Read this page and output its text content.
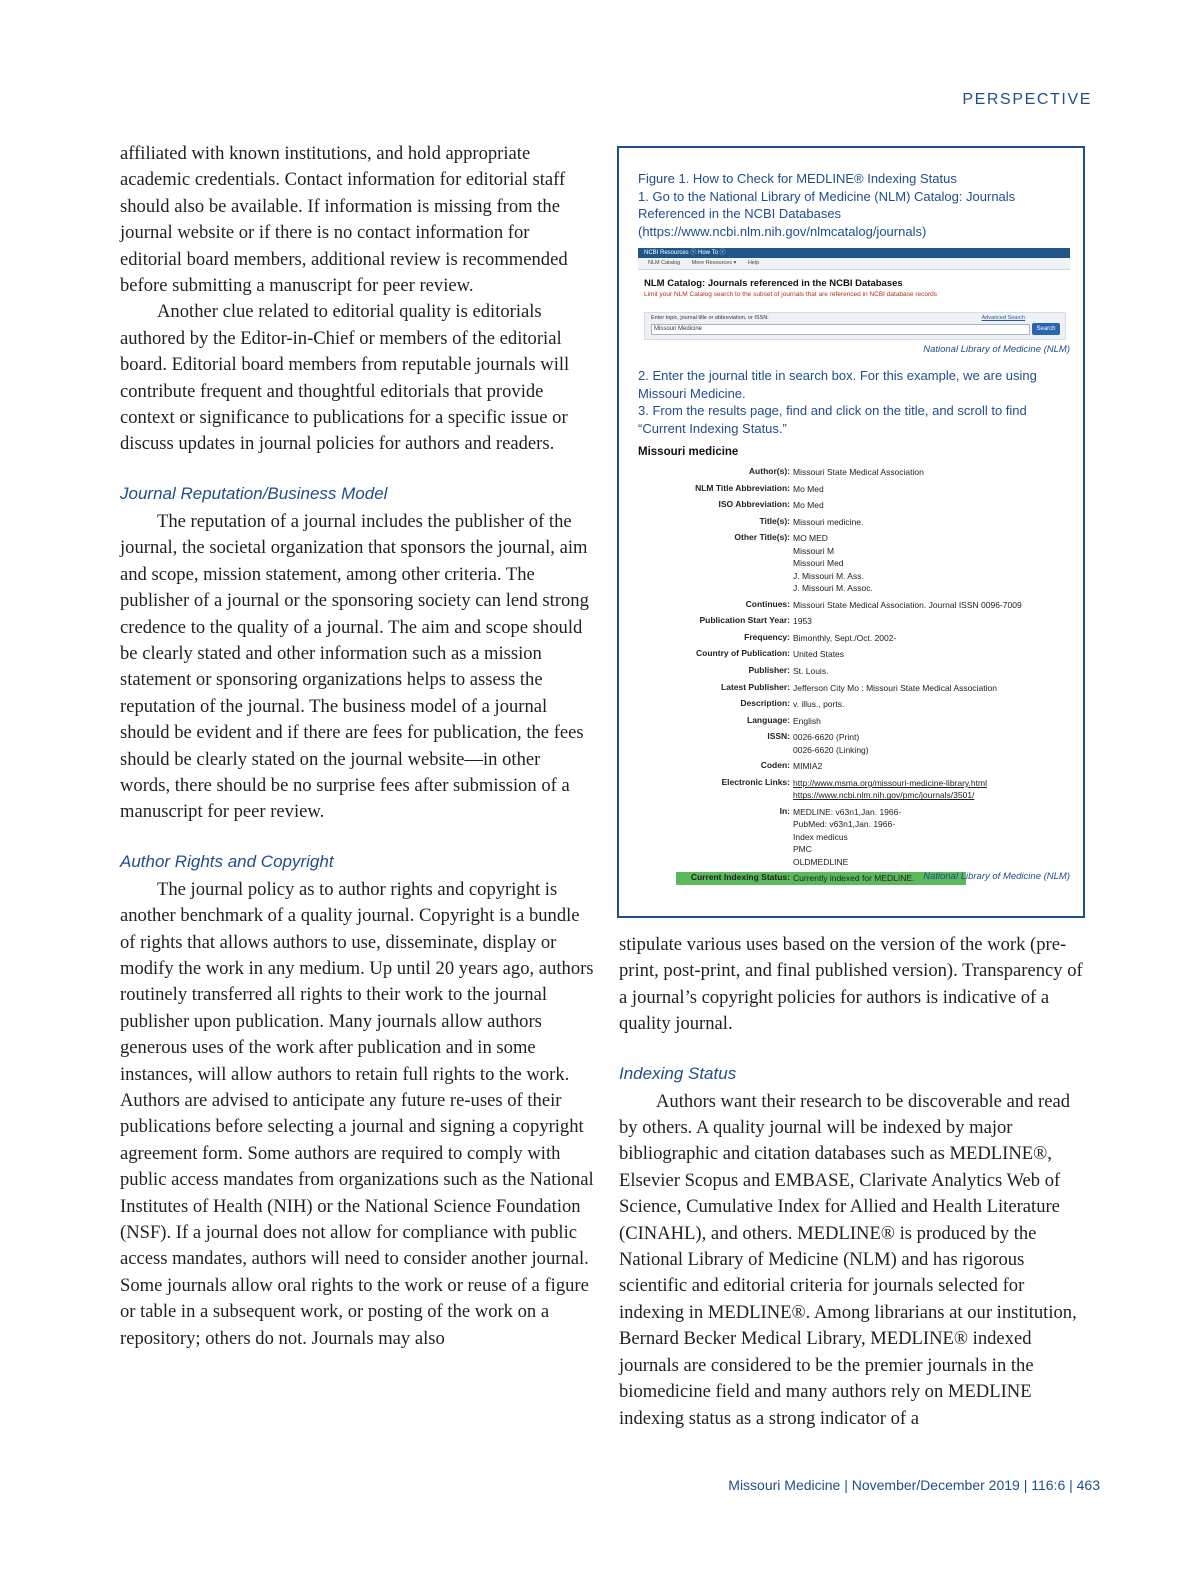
PERSPECTIVE

affiliated with known institutions, and hold appropriate academic credentials. Contact information for editorial staff should also be available. If information is missing from the journal website or if there is no contact information for editorial board members, additional review is recommended before submitting a manuscript for peer review.

Another clue related to editorial quality is editorials authored by the Editor-in-Chief or members of the editorial board. Editorial board members from reputable journals will contribute frequent and thoughtful editorials that provide context or significance to publications for a specific issue or discuss updates in journal policies for authors and readers.

Journal Reputation/Business Model

The reputation of a journal includes the publisher of the journal, the societal organization that sponsors the journal, aim and scope, mission statement, among other criteria. The publisher of a journal or the sponsoring society can lend strong credence to the quality of a journal. The aim and scope should be clearly stated and other information such as a mission statement or sponsoring organizations helps to assess the reputation of the journal. The business model of a journal should be evident and if there are fees for publication, the fees should be clearly stated on the journal website—in other words, there should be no surprise fees after submission of a manuscript for peer review.

Author Rights and Copyright

The journal policy as to author rights and copyright is another benchmark of a quality journal. Copyright is a bundle of rights that allows authors to use, disseminate, display or modify the work in any medium. Up until 20 years ago, authors routinely transferred all rights to their work to the journal publisher upon publication. Many journals allow authors generous uses of the work after publication and in some instances, will allow authors to retain full rights to the work. Authors are advised to anticipate any future re-uses of their publications before selecting a journal and signing a copyright agreement form. Some authors are required to comply with public access mandates from organizations such as the National Institutes of Health (NIH) or the National Science Foundation (NSF). If a journal does not allow for compliance with public access mandates, authors will need to consider another journal. Some journals allow oral rights to the work or reuse of a figure or table in a subsequent work, or posting of the work on a repository; others do not. Journals may also

Figure 1. How to Check for MEDLINE® Indexing Status
1. Go to the National Library of Medicine (NLM) Catalog: Journals Referenced in the NCBI Databases (https://www.ncbi.nlm.nih.gov/nlmcatalog/journals)
NCBI Resources ⓥ How To ⓥ
NLM Catalog More Resources ▾ Help
NLM Catalog: Journals referenced in the NCBI Databases
Limit your NLM Catalog search to the subset of journals that are referenced in NCBI database records
Enter topic, journal title or abbreviation, or ISSN:	Advanced Search
Missouri Medicine	Search
National Library of Medicine (NLM)
2. Enter the journal title in search box. For this example, we are using Missouri Medicine.
3. From the results page, find and click on the title, and scroll to find “Current Indexing Status.”
Missouri medicine
Author(s): Missouri State Medical Association
NLM Title Abbreviation: Mo Med
ISO Abbreviation: Mo Med
Title(s): Missouri medicine.
Other Title(s): MO MED
Missouri M
Missouri Med
J. Missouri M. Ass.
J. Missouri M. Assoc.
Continues: Missouri State Medical Association. Journal ISSN 0096-7009
Publication Start Year: 1953
Frequency: Bimonthly, Sept./Oct. 2002-
Country of Publication: United States
Publisher: St. Louis.
Latest Publisher: Jefferson City Mo : Missouri State Medical Association
Description: v. illus., ports.
Language: English
ISSN: 0026-6620 (Print)
0026-6620 (Linking)
Coden: MIMIA2
Electronic Links: http://www.msma.org/missouri-medicine-library.html
https://www.ncbi.nlm.nih.gov/pmc/journals/3501/
In: MEDLINE: v63n1,Jan. 1966-
PubMed: v63n1,Jan. 1966-
Index medicus
PMC
OLDMEDLINE
Current Indexing Status: Currently indexed for MEDLINE. National Library of Medicine (NLM)

stipulate various uses based on the version of the work (pre-print, post-print, and final published version). Transparency of a journal’s copyright policies for authors is indicative of a quality journal.

Indexing Status

Authors want their research to be discoverable and read by others. A quality journal will be indexed by major bibliographic and citation databases such as MEDLINE®, Elsevier Scopus and EMBASE, Clarivate Analytics Web of Science, Cumulative Index for Allied and Health Literature (CINAHL), and others. MEDLINE® is produced by the National Library of Medicine (NLM) and has rigorous scientific and editorial criteria for journals selected for indexing in MEDLINE®. Among librarians at our institution, Bernard Becker Medical Library, MEDLINE® indexed journals are considered to be the premier journals in the biomedicine field and many authors rely on MEDLINE indexing status as a strong indicator of a

Missouri Medicine | November/December 2019 | 116:6 | 463
